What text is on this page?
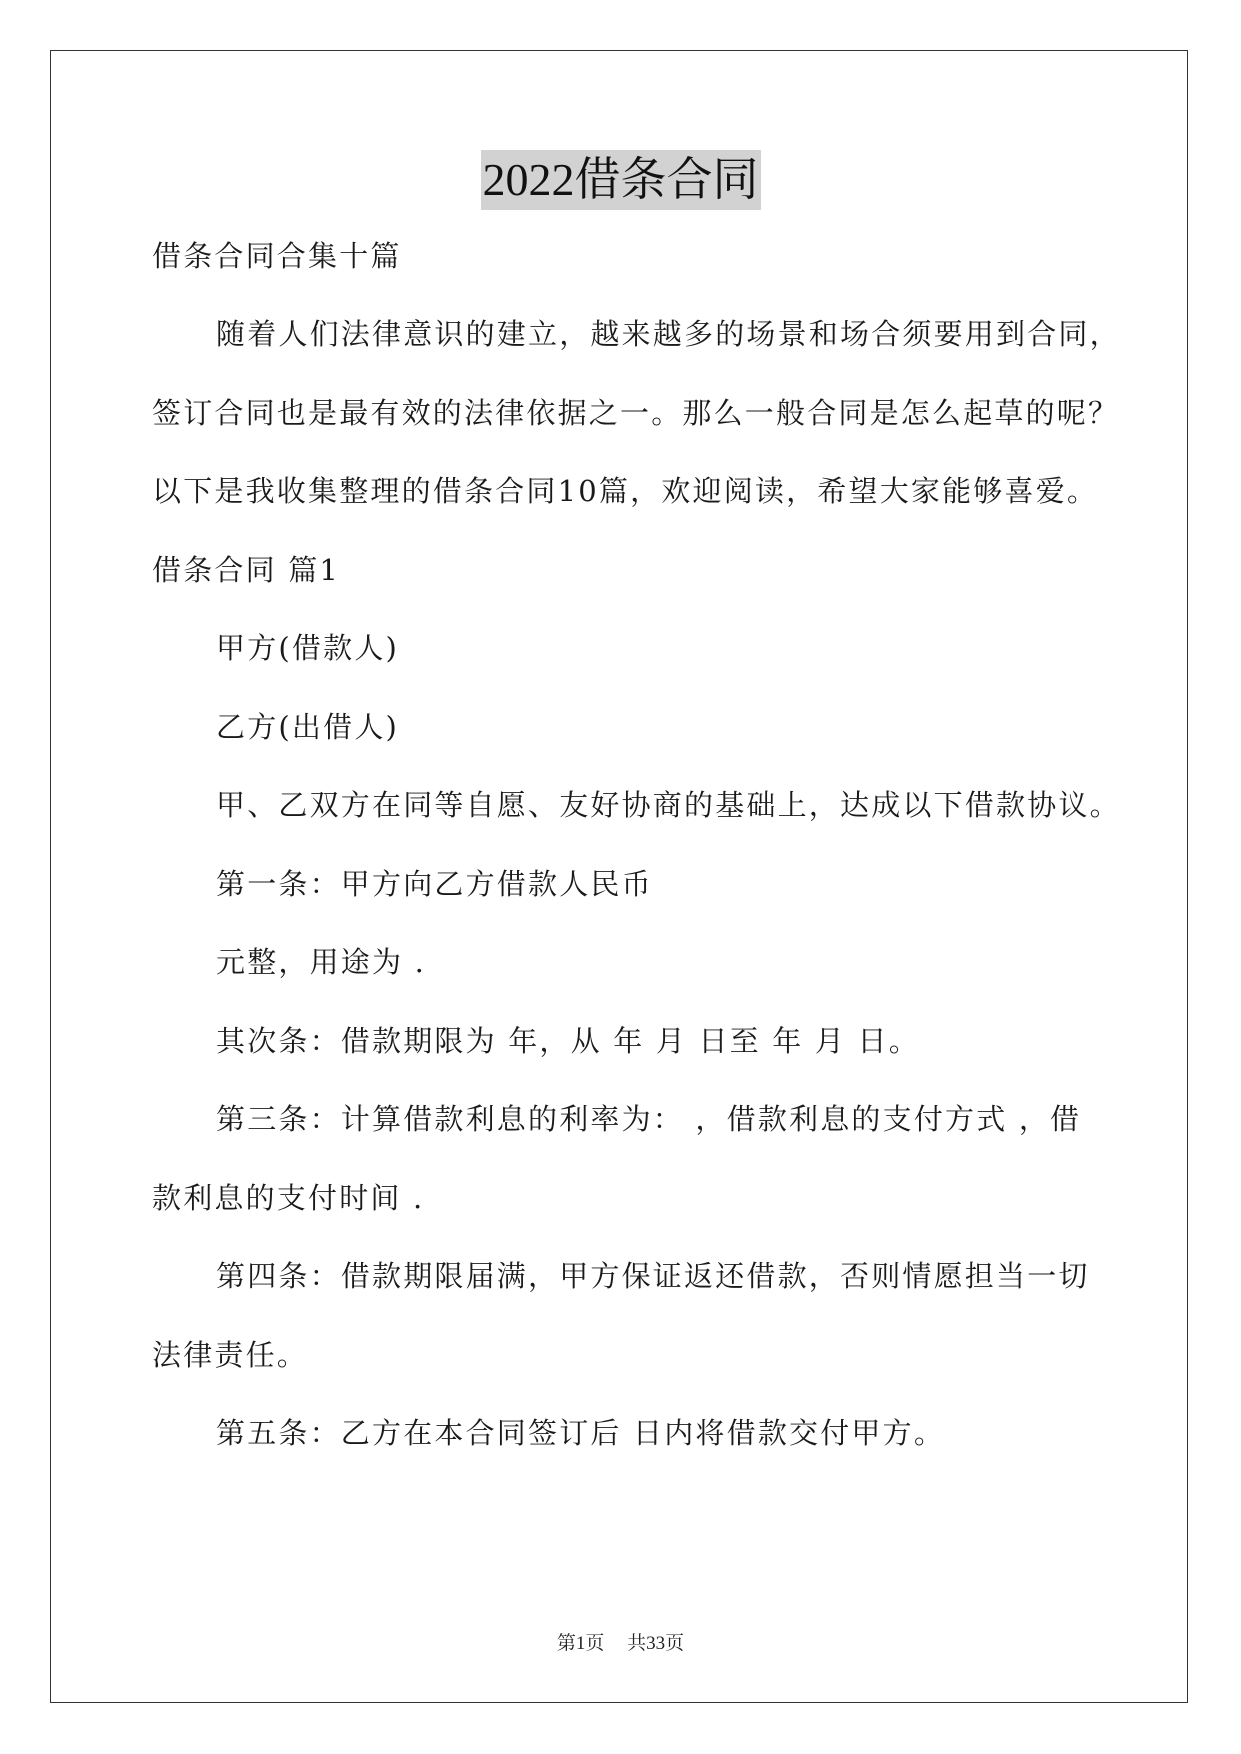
2022借条合同
借条合同合集十篇
随着人们法律意识的建立，越来越多的场景和场合须要用到合同，
签订合同也是最有效的法律依据之一。那么一般合同是怎么起草的呢？
以下是我收集整理的借条合同10篇，欢迎阅读，希望大家能够喜爱。
借条合同 篇1
甲方(借款人)
乙方(出借人)
甲、乙双方在同等自愿、友好协商的基础上，达成以下借款协议。
第一条：甲方向乙方借款人民币
元整，用途为 .
其次条：借款期限为 年，从 年 月 日至 年 月 日。
第三条：计算借款利息的利率为： ，借款利息的支付方式 ，借
款利息的支付时间 .
第四条：借款期限届满，甲方保证返还借款，否则情愿担当一切
法律责任。
第五条：乙方在本合同签订后 日内将借款交付甲方。
第1页 共33页
